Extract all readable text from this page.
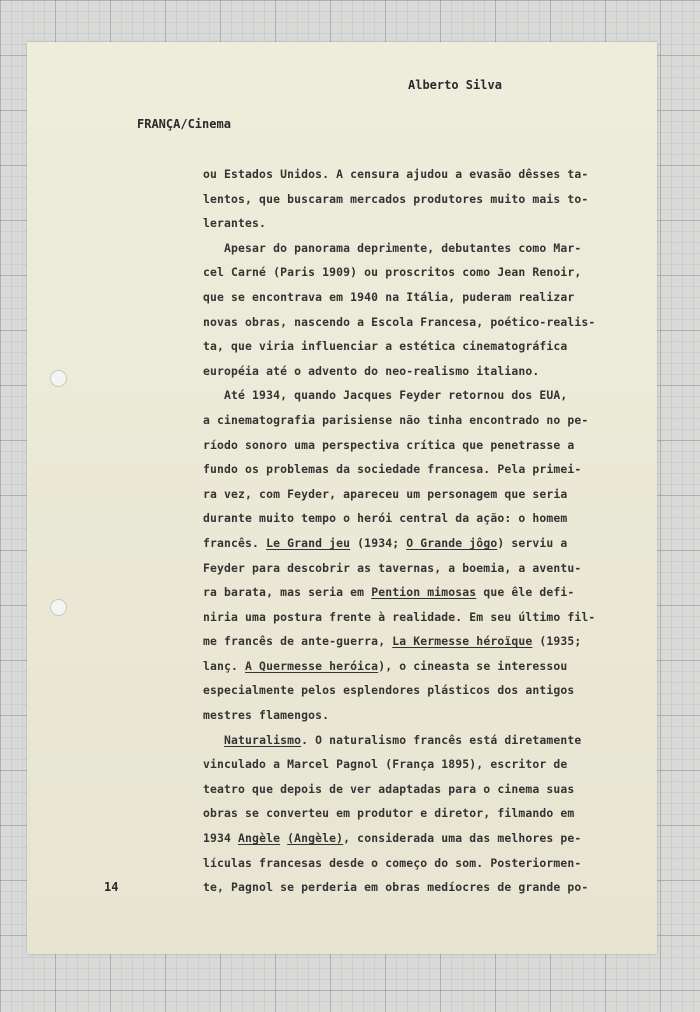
Alberto Silva
FRANÇA/Cinema
ou Estados Unidos. A censura ajudou a evasão dêsses ta-
lentos, que buscaram mercados produtores muito mais to-
lerantes.
Apesar do panorama deprimente, debutantes como Mar-
cel Carné (Paris 1909) ou proscritos como Jean Renoir,
que se encontrava em 1940 na Itália, puderam realizar
novas obras, nascendo a Escola Francesa, poético-realis-
ta, que viria influenciar a estética cinematográfica
européia até o advento do neo-realismo italiano.
Até 1934, quando Jacques Feyder retornou dos EUA,
a cinematografia parisiense não tinha encontrado no pe-
ríodo sonoro uma perspectiva crítica que penetrasse a
fundo os problemas da sociedade francesa. Pela primei-
ra vez, com Feyder, apareceu um personagem que seria
durante muito tempo o herói central da ação: o homem
francês. Le Grand jeu (1934; O Grande jôgo) serviu a
Feyder para descobrir as tavernas, a boemia, a aventu-
ra barata, mas seria em Pention mimosas que êle defi-
niria uma postura frente à realidade. Em seu último fil-
me francês de ante-guerra, La Kermesse héroïque (1935;
lanç. A Quermesse heróica), o cineasta se interessou
especialmente pelos esplendores plásticos dos antigos
mestres flamengos.
Naturalismo. O naturalismo francês está diretamente
vinculado a Marcel Pagnol (França 1895), escritor de
teatro que depois de ver adaptadas para o cinema suas
obras se converteu em produtor e diretor, filmando em
1934 Angèle (Angèle), considerada uma das melhores pe-
lículas francesas desde o começo do som. Posteriormen-
te, Pagnol se perderia em obras medíocres de grande po-
14
